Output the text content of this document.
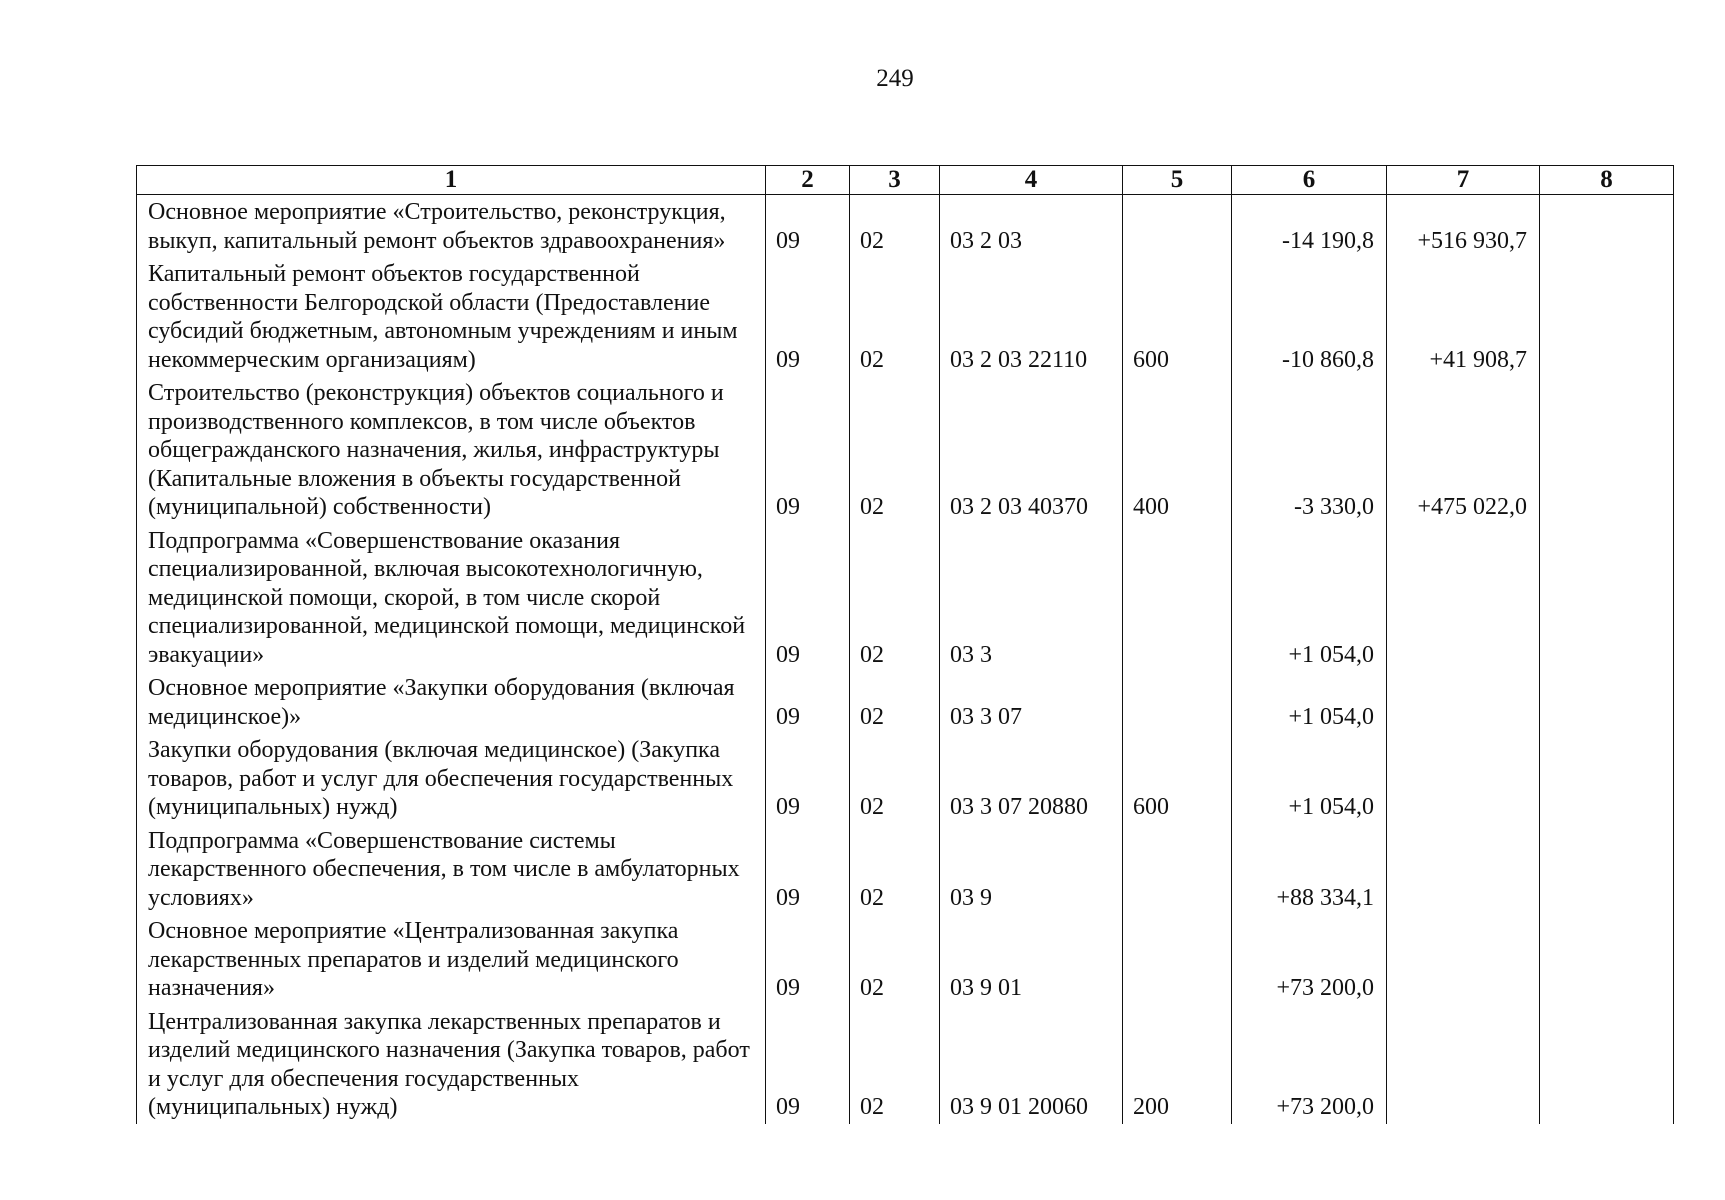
249
1	2	3	4	5	6	7	8
Основное мероприятие «Строительство, реконструкция, выкуп, капитальный ремонт объектов здравоохранения»	09	02	03 2 03		-14 190,8	+516 930,7	
Капитальный ремонт объектов государственной собственности Белгородской области (Предоставление субсидий бюджетным, автономным учреждениям и иным некоммерческим организациям)	09	02	03 2 03 22110	600	-10 860,8	+41 908,7	
Строительство (реконструкция) объектов социального и производственного комплексов, в том числе объектов общегражданского назначения, жилья, инфраструктуры (Капитальные вложения в объекты государственной (муниципальной) собственности)	09	02	03 2 03 40370	400	-3 330,0	+475 022,0	
Подпрограмма «Совершенствование оказания специализированной, включая высокотехнологичную, медицинской помощи, скорой, в том числе скорой специализированной, медицинской помощи, медицинской эвакуации»	09	02	03 3		+1 054,0		
Основное мероприятие «Закупки оборудования (включая медицинское)»	09	02	03 3 07		+1 054,0		
Закупки оборудования (включая медицинское) (Закупка товаров, работ и услуг для обеспечения государственных (муниципальных) нужд)	09	02	03 3 07 20880	600	+1 054,0		
Подпрограмма «Совершенствование системы лекарственного обеспечения, в том числе в амбулаторных условиях»	09	02	03 9		+88 334,1		
Основное мероприятие «Централизованная закупка лекарственных препаратов и изделий медицинского назначения»	09	02	03 9 01		+73 200,0		
Централизованная закупка лекарственных препаратов и изделий медицинского назначения (Закупка товаров, работ и услуг для обеспечения государственных (муниципальных) нужд)	09	02	03 9 01 20060	200	+73 200,0		
